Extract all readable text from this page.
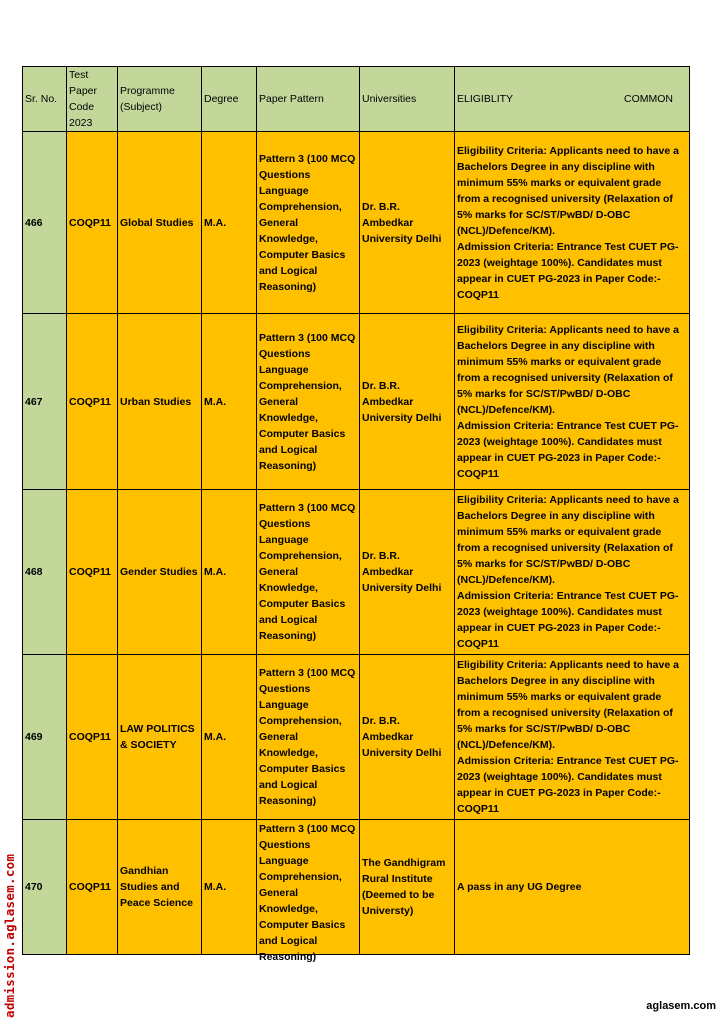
Sr. No.	Test Paper Code 2023	Programme (Subject)	Degree	Paper Pattern	Universities	ELIGIBLITY COMMON

466	COQP11	Global Studies	M.A.	Pattern 3 (100 MCQ Questions Language Comprehension, General Knowledge, Computer Basics and Logical Reasoning)	Dr. B.R. Ambedkar University Delhi	Eligibility Criteria: Applicants need to have a Bachelors Degree in any discipline with minimum 55% marks or equivalent grade from a recognised university (Relaxation of 5% marks for SC/ST/PwBD/ D-OBC (NCL)/Defence/KM).
Admission Criteria: Entrance Test CUET PG-2023 (weightage 100%). Candidates must appear in CUET PG-2023 in Paper Code:- COQP11

467	COQP11	Urban Studies	M.A.	Pattern 3 (100 MCQ Questions Language Comprehension, General Knowledge, Computer Basics and Logical Reasoning)	Dr. B.R. Ambedkar University Delhi	Eligibility Criteria: Applicants need to have a Bachelors Degree in any discipline with minimum 55% marks or equivalent grade from a recognised university (Relaxation of 5% marks for SC/ST/PwBD/ D-OBC (NCL)/Defence/KM).
Admission Criteria: Entrance Test CUET PG-2023 (weightage 100%). Candidates must appear in CUET PG-2023 in Paper Code:- COQP11

468	COQP11	Gender Studies	M.A.	Pattern 3 (100 MCQ Questions Language Comprehension, General Knowledge, Computer Basics and Logical Reasoning)	Dr. B.R. Ambedkar University Delhi	Eligibility Criteria: Applicants need to have a Bachelors Degree in any discipline with minimum 55% marks or equivalent grade from a recognised university (Relaxation of 5% marks for SC/ST/PwBD/ D-OBC (NCL)/Defence/KM).
Admission Criteria: Entrance Test CUET PG-2023 (weightage 100%). Candidates must appear in CUET PG-2023 in Paper Code:- COQP11

469	COQP11	LAW POLITICS & SOCIETY	M.A.	Pattern 3 (100 MCQ Questions Language Comprehension, General Knowledge, Computer Basics and Logical Reasoning)	Dr. B.R. Ambedkar University Delhi	Eligibility Criteria: Applicants need to have a Bachelors Degree in any discipline with minimum 55% marks or equivalent grade from a recognised university (Relaxation of 5% marks for SC/ST/PwBD/ D-OBC (NCL)/Defence/KM).
Admission Criteria: Entrance Test CUET PG-2023 (weightage 100%). Candidates must appear in CUET PG-2023 in Paper Code:- COQP11

470	COQP11	Gandhian Studies and Peace Science	M.A.	Pattern 3 (100 MCQ Questions Language Comprehension, General Knowledge, Computer Basics and Logical Reasoning)	The Gandhigram Rural Institute (Deemed to be Universty)	A pass in any UG Degree
admission.aglasem.com	aglasem.com
